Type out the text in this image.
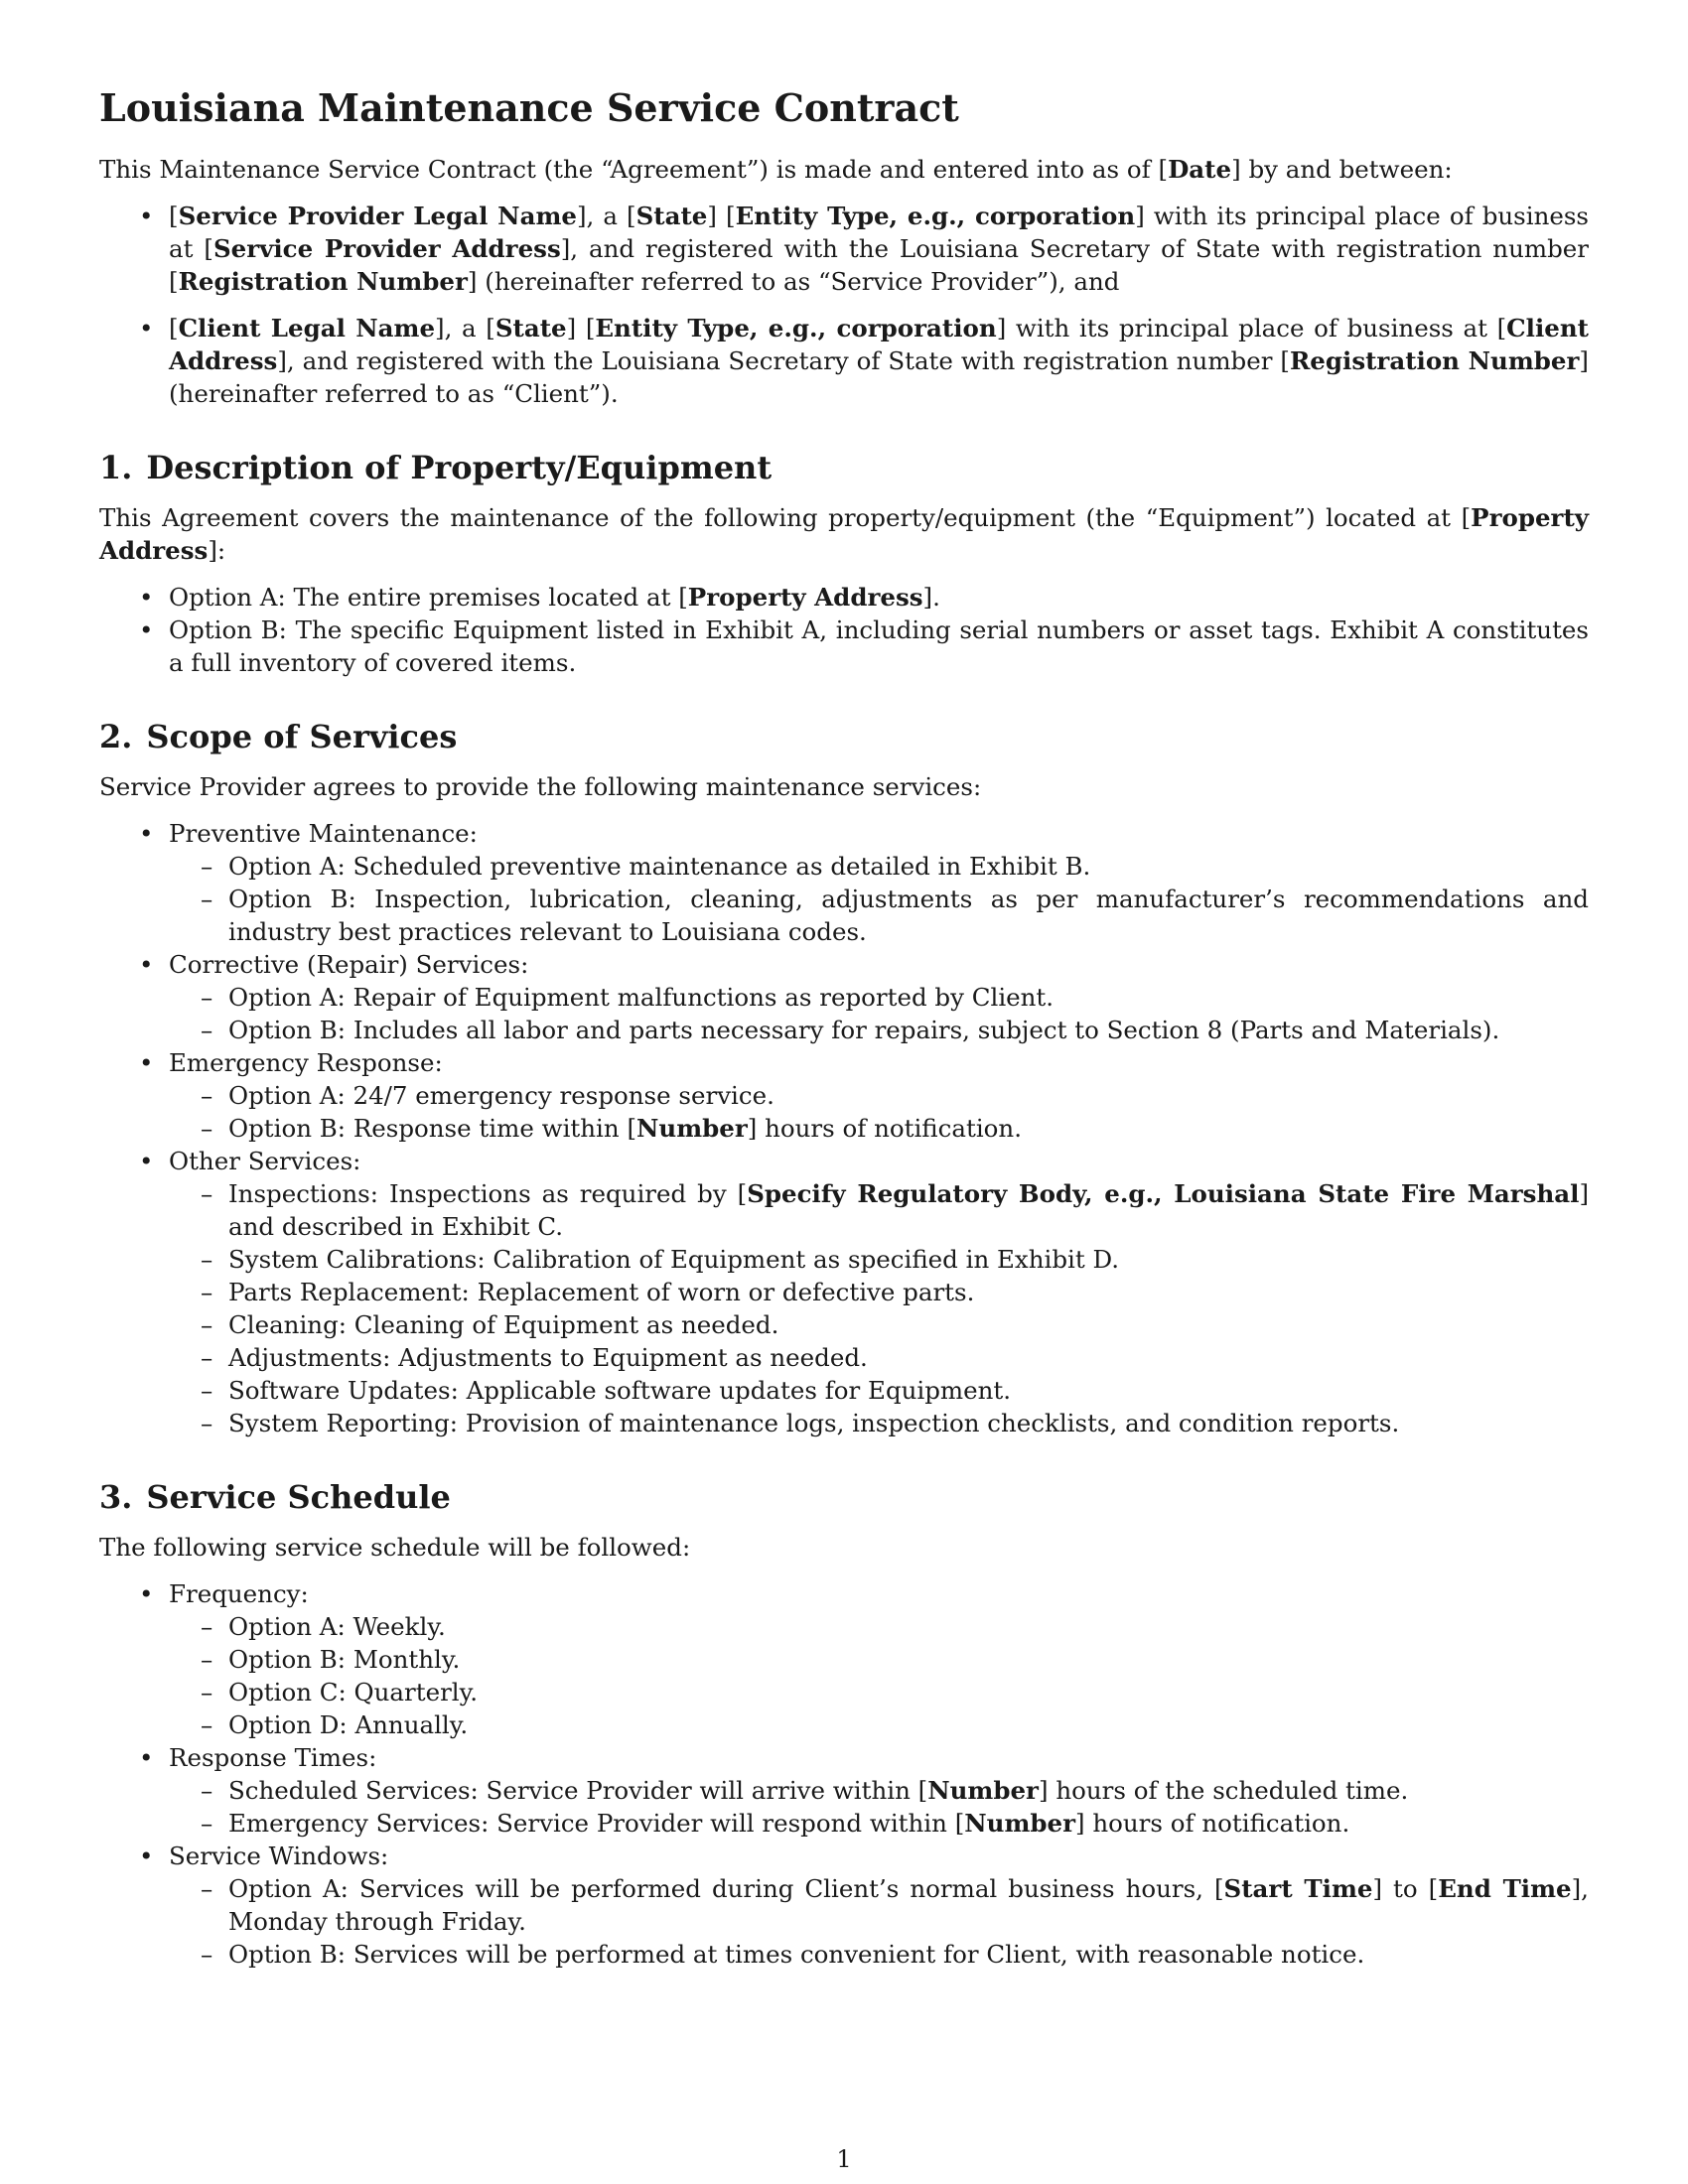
Louisiana Maintenance Service Contract

This Maintenance Service Contract (the “Agreement”) is made and entered into as of [Date] by and between:

• [Service Provider Legal Name], a [State] [Entity Type, e.g., corporation] with its principal place of business at [Service Provider Address], and registered with the Louisiana Secretary of State with registration number [Registration Number] (hereinafter referred to as “Service Provider”), and
• [Client Legal Name], a [State] [Entity Type, e.g., corporation] with its principal place of business at [Client Address], and registered with the Louisiana Secretary of State with registration number [Registration Number] (hereinafter referred to as “Client”).
1. Description of Property/Equipment

This Agreement covers the maintenance of the following property/equipment (the “Equipment”) located at [Property Address]:

• Option A: The entire premises located at [Property Address].
• Option B: The specific Equipment listed in Exhibit A, including serial numbers or asset tags. Exhibit A constitutes a full inventory of covered items.
2. Scope of Services

Service Provider agrees to provide the following maintenance services:

• Preventive Maintenance:
– Option A: Scheduled preventive maintenance as detailed in Exhibit B.
– Option B: Inspection, lubrication, cleaning, adjustments as per manufacturer’s recommendations and industry best practices relevant to Louisiana codes.
• Corrective (Repair) Services:
– Option A: Repair of Equipment malfunctions as reported by Client.
– Option B: Includes all labor and parts necessary for repairs, subject to Section 8 (Parts and Materials).
• Emergency Response:
– Option A: 24/7 emergency response service.
– Option B: Response time within [Number] hours of notification.
• Other Services:
– Inspections: Inspections as required by [Specify Regulatory Body, e.g., Louisiana State Fire Marshal] and described in Exhibit C.
– System Calibrations: Calibration of Equipment as specified in Exhibit D.
– Parts Replacement: Replacement of worn or defective parts.
– Cleaning: Cleaning of Equipment as needed.
– Adjustments: Adjustments to Equipment as needed.
– Software Updates: Applicable software updates for Equipment.
– System Reporting: Provision of maintenance logs, inspection checklists, and condition reports.
3. Service Schedule

The following service schedule will be followed:

• Frequency:
– Option A: Weekly.
– Option B: Monthly.
– Option C: Quarterly.
– Option D: Annually.
• Response Times:
– Scheduled Services: Service Provider will arrive within [Number] hours of the scheduled time.
– Emergency Services: Service Provider will respond within [Number] hours of notification.
• Service Windows:
– Option A: Services will be performed during Client’s normal business hours, [Start Time] to [End Time], Monday through Friday.
– Option B: Services will be performed at times convenient for Client, with reasonable notice.
1
